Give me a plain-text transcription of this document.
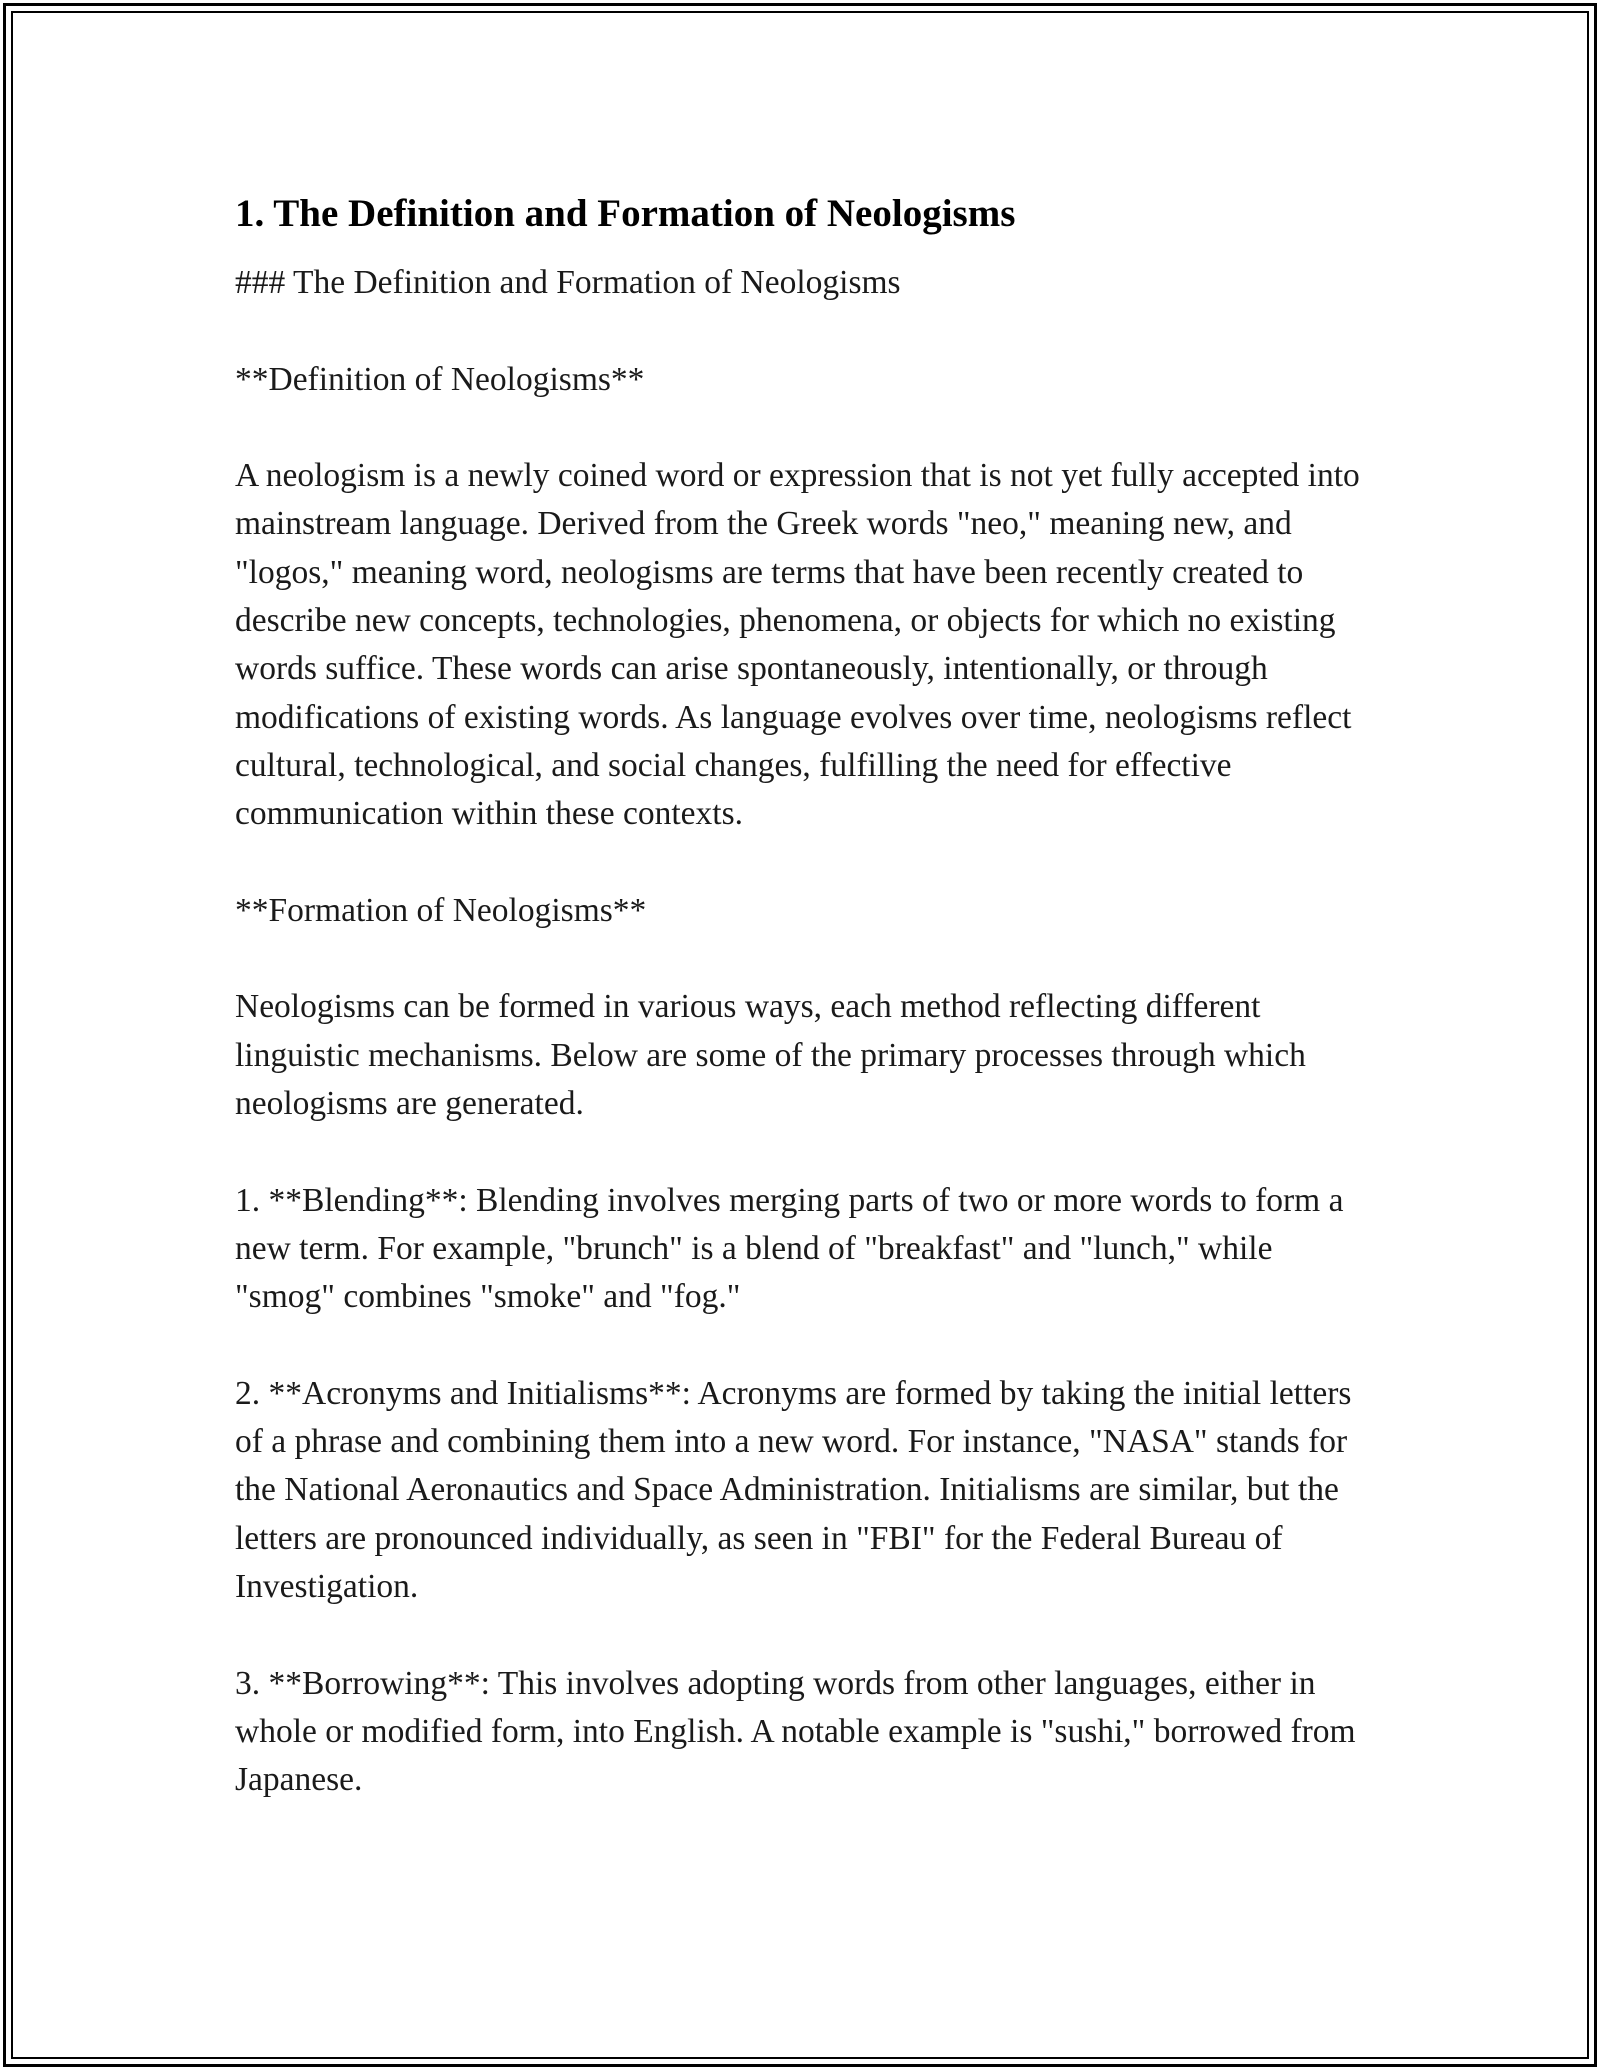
1. The Definition and Formation of Neologisms

### The Definition and Formation of Neologisms

**Definition of Neologisms**

A neologism is a newly coined word or expression that is not yet fully accepted into mainstream language. Derived from the Greek words "neo," meaning new, and "logos," meaning word, neologisms are terms that have been recently created to describe new concepts, technologies, phenomena, or objects for which no existing words suffice. These words can arise spontaneously, intentionally, or through modifications of existing words. As language evolves over time, neologisms reflect cultural, technological, and social changes, fulfilling the need for effective communication within these contexts.

**Formation of Neologisms**

Neologisms can be formed in various ways, each method reflecting different linguistic mechanisms. Below are some of the primary processes through which neologisms are generated.

1. **Blending**: Blending involves merging parts of two or more words to form a new term. For example, "brunch" is a blend of "breakfast" and "lunch," while "smog" combines "smoke" and "fog."

2. **Acronyms and Initialisms**: Acronyms are formed by taking the initial letters of a phrase and combining them into a new word. For instance, "NASA" stands for the National Aeronautics and Space Administration. Initialisms are similar, but the letters are pronounced individually, as seen in "FBI" for the Federal Bureau of Investigation.

3. **Borrowing**: This involves adopting words from other languages, either in whole or modified form, into English. A notable example is "sushi," borrowed from Japanese.
